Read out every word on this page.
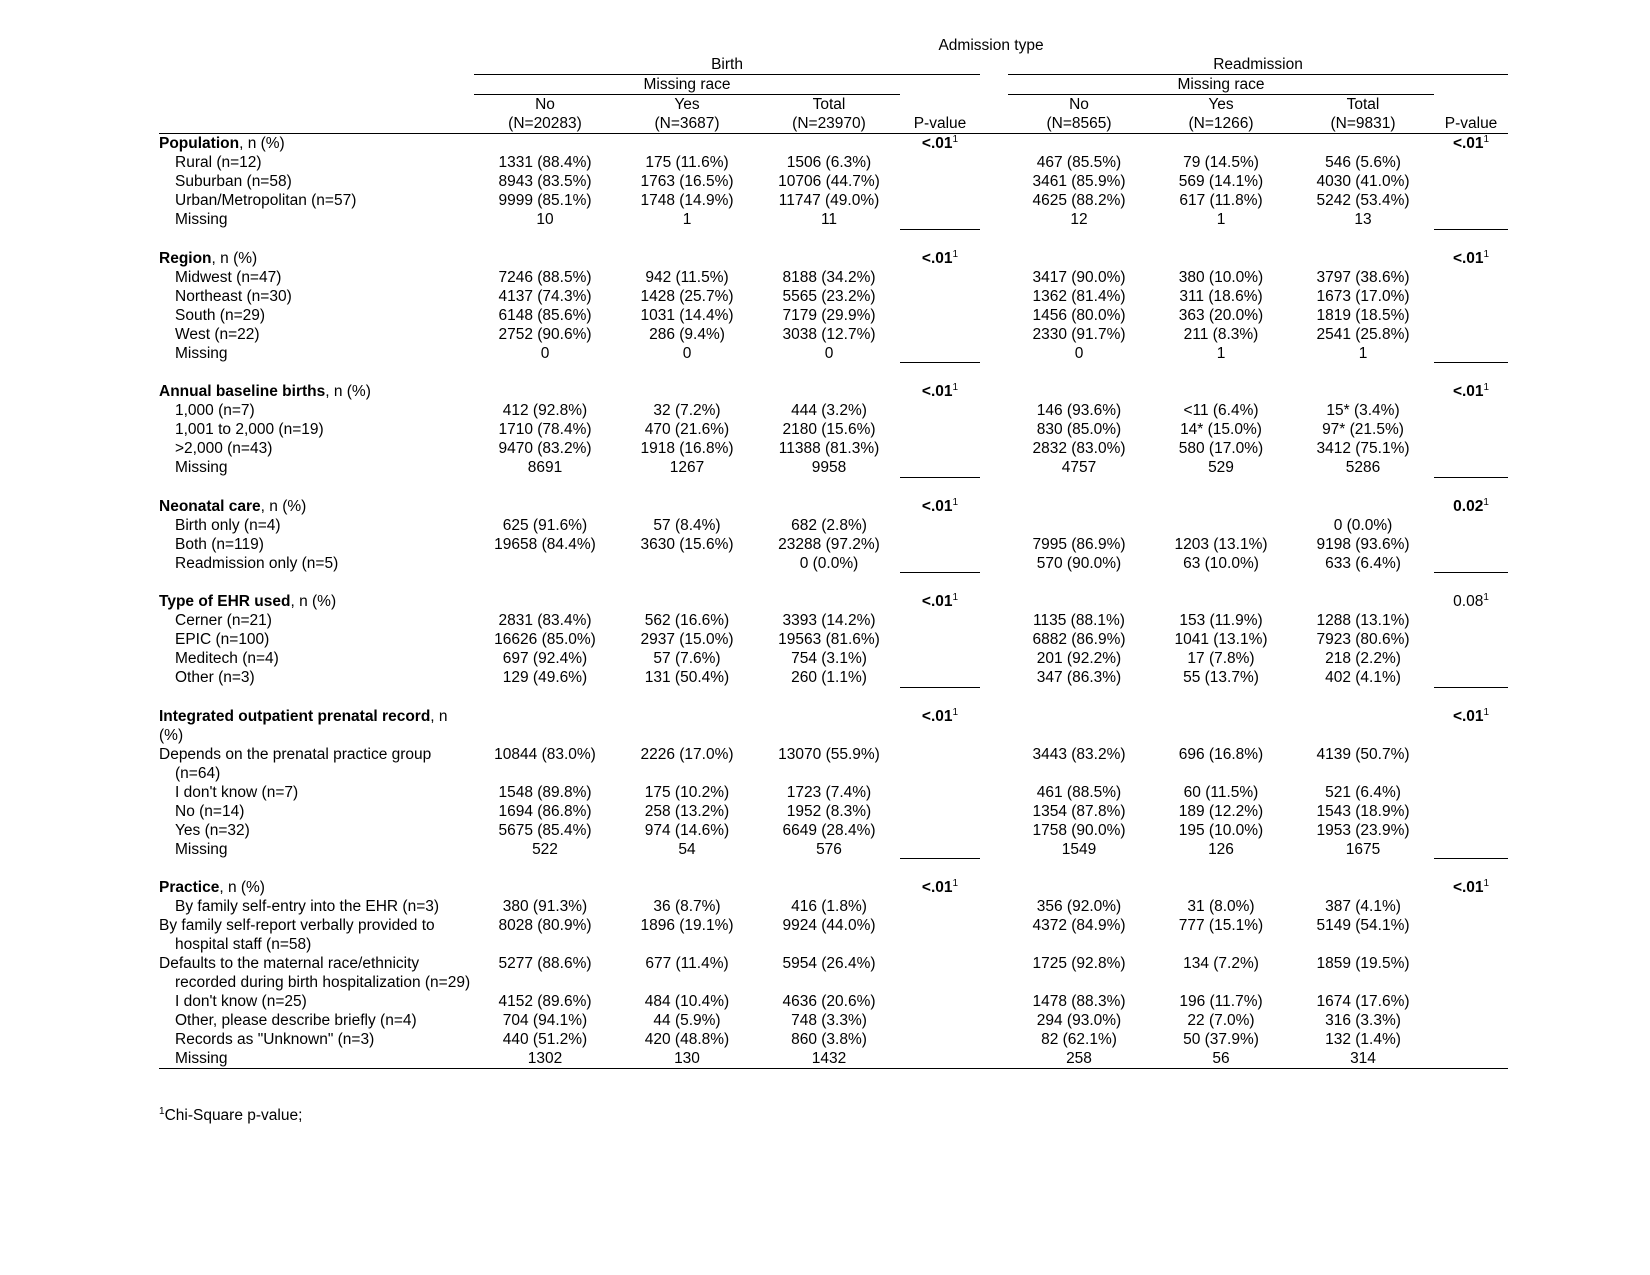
	Admission type								
	Birth					Readmission			
	Missing race					Missing race			
	No	Yes	Total			No	Yes	Total	
	(N=20283)	(N=3687)	(N=23970)	P-value		(N=8565)	(N=1266)	(N=9831)	P-value
Population, n (%)				$<.01^1$					$<.01^1$
Rural (n=12)	1331 (88.4%)	175 (11.6%)	1506 (6.3%)			467 (85.5%)	79 (14.5%)	546 (5.6%)	
Suburban (n=58)	8943 (83.5%)	1763 (16.5%)	10706 (44.7%)			3461 (85.9%)	569 (14.1%)	4030 (41.0%)	
Urban/Metropolitan (n=57)	9999 (85.1%)	1748 (14.9%)	11747 (49.0%)			4625 (88.2%)	617 (11.8%)	5242 (53.4%)	
Missing	10	1	11			12	1	13	

Region, n (%)				$<.01^1$					$<.01^1$
Midwest (n=47)	7246 (88.5%)	942 (11.5%)	8188 (34.2%)			3417 (90.0%)	380 (10.0%)	3797 (38.6%)	
Northeast (n=30)	4137 (74.3%)	1428 (25.7%)	5565 (23.2%)			1362 (81.4%)	311 (18.6%)	1673 (17.0%)	
South (n=29)	6148 (85.6%)	1031 (14.4%)	7179 (29.9%)			1456 (80.0%)	363 (20.0%)	1819 (18.5%)	
West (n=22)	2752 (90.6%)	286 (9.4%)	3038 (12.7%)			2330 (91.7%)	211 (8.3%)	2541 (25.8%)	
Missing	0	0	0			0	1	1	

Annual baseline births, n (%)				$<.01^1$					$<.01^1$
1,000 (n=7)	412 (92.8%)	32 (7.2%)	444 (3.2%)			146 (93.6%)	<11 (6.4%)	15* (3.4%)	
1,001 to 2,000 (n=19)	1710 (78.4%)	470 (21.6%)	2180 (15.6%)			830 (85.0%)	14* (15.0%)	97* (21.5%)	
>2,000 (n=43)	9470 (83.2%)	1918 (16.8%)	11388 (81.3%)			2832 (83.0%)	580 (17.0%)	3412 (75.1%)	
Missing	8691	1267	9958			4757	529	5286	

Neonatal care, n (%)				$<.01^1$					0.02$^1$
Birth only (n=4)	625 (91.6%)	57 (8.4%)	682 (2.8%)					0 (0.0%)	
Both (n=119)	19658 (84.4%)	3630 (15.6%)	23288 (97.2%)			7995 (86.9%)	1203 (13.1%)	9198 (93.6%)	
Readmission only (n=5)			0 (0.0%)			570 (90.0%)	63 (10.0%)	633 (6.4%)	

Type of EHR used, n (%)				$<.01^1$					0.08$^1$
Cerner (n=21)	2831 (83.4%)	562 (16.6%)	3393 (14.2%)			1135 (88.1%)	153 (11.9%)	1288 (13.1%)	
EPIC (n=100)	16626 (85.0%)	2937 (15.0%)	19563 (81.6%)			6882 (86.9%)	1041 (13.1%)	7923 (80.6%)	
Meditech (n=4)	697 (92.4%)	57 (7.6%)	754 (3.1%)			201 (92.2%)	17 (7.8%)	218 (2.2%)	
Other (n=3)	129 (49.6%)	131 (50.4%)	260 (1.1%)			347 (86.3%)	55 (13.7%)	402 (4.1%)	

Integrated outpatient prenatal record, n (%)				$<.01^1$					$<.01^1$
Depends on the prenatal practice group (n=64)	10844 (83.0%)	2226 (17.0%)	13070 (55.9%)			3443 (83.2%)	696 (16.8%)	4139 (50.7%)	
I don't know (n=7)	1548 (89.8%)	175 (10.2%)	1723 (7.4%)			461 (88.5%)	60 (11.5%)	521 (6.4%)	
No (n=14)	1694 (86.8%)	258 (13.2%)	1952 (8.3%)			1354 (87.8%)	189 (12.2%)	1543 (18.9%)	
Yes (n=32)	5675 (85.4%)	974 (14.6%)	6649 (28.4%)			1758 (90.0%)	195 (10.0%)	1953 (23.9%)	
Missing	522	54	576			1549	126	1675	

Practice, n (%)				$<.01^1$					$<.01^1$
By family self-entry into the EHR (n=3)	380 (91.3%)	36 (8.7%)	416 (1.8%)			356 (92.0%)	31 (8.0%)	387 (4.1%)	
By family self-report verbally provided to hospital staff (n=58)	8028 (80.9%)	1896 (19.1%)	9924 (44.0%)			4372 (84.9%)	777 (15.1%)	5149 (54.1%)	
Defaults to the maternal race/ethnicity recorded during birth hospitalization (n=29)	5277 (88.6%)	677 (11.4%)	5954 (26.4%)			1725 (92.8%)	134 (7.2%)	1859 (19.5%)	
I don't know (n=25)	4152 (89.6%)	484 (10.4%)	4636 (20.6%)			1478 (88.3%)	196 (11.7%)	1674 (17.6%)	
Other, please describe briefly (n=4)	704 (94.1%)	44 (5.9%)	748 (3.3%)			294 (93.0%)	22 (7.0%)	316 (3.3%)	
Records as "Unknown" (n=3)	440 (51.2%)	420 (48.8%)	860 (3.8%)			82 (62.1%)	50 (37.9%)	132 (1.4%)	
Missing	1302	130	1432			258	56	314	
$^1$Chi-Square p-value;
